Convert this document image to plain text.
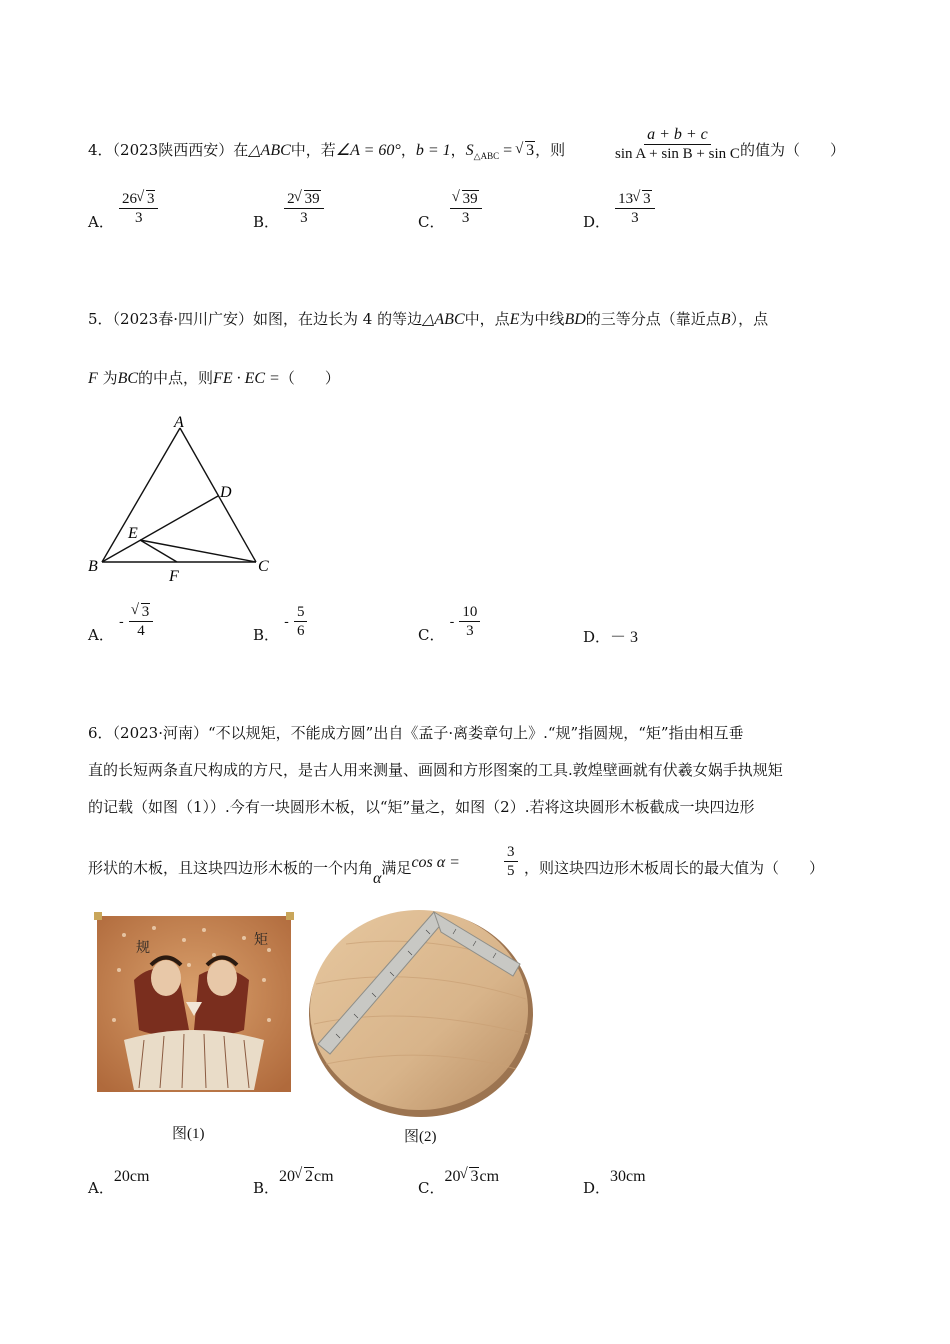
4．（2023陕西西安）在△ABC中，若∠A = 60°，b = 1，$S_{\triangle ABC}$ = √ 3，则	$\frac{a + b + c}{\text{sin A + sin B + sin C}}$
的值为（　　）
A． $\frac{26 √ 3}{3}$	B． $\frac{2 √ 39}{3}$	C． √ $\frac{39}{3}$	D． $\frac{13 √ 3}{3}$
5．（2023春·四川广安）如图，在边长为 4 的等边△ABC中，点E为中线BD的三等分点（靠近点B），点
F 为BC的中点，则FE · EC =（　　）
A
D
E
B	C
F
A． - √ $\frac{3}{4}$	B． - $\frac{5}{6}$	C． - $\frac{10}{3}$	D．－ 3
6．（2023·河南）“不以规矩，不能成方圆”出自《孟子·离娄章句上》.“规”指圆规，“矩”指由相互垂
直的长短两条直尺构成的方尺，是古人用来测量、画圆和方形图案的工具.敦煌壁画就有伏羲女娲手执规矩
的记载（如图（1））.今有一块圆形木板，以“矩”量之，如图（2）.若将这块圆形木板截成一块四边形
形状的木板，且这块四边形木板的一个内角α满足cos α =	$\frac{3}{5}$ ，则这块四边形木板周长的最大值为（　　）
规	矩
图(1)	图(2)
A．20cm
B．20 √ 2cm
C．20 √ 3cm
D．30cm
